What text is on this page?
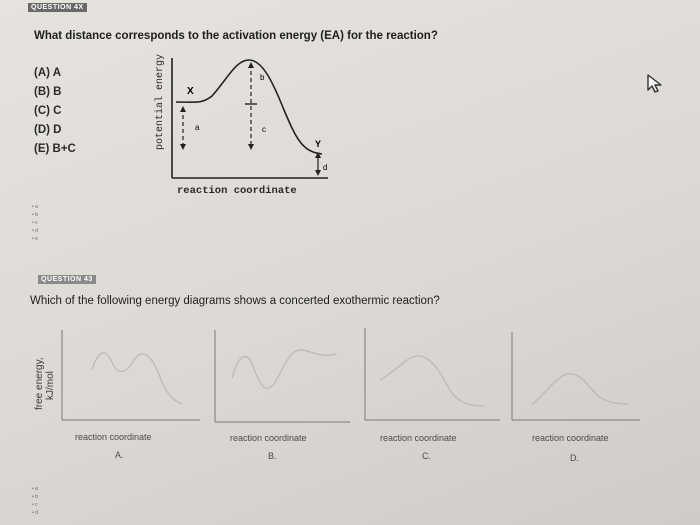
QUESTION 4X
What distance corresponds to the activation energy (EA) for the reaction?
(A) A
(B) B
(C) C
(D) D
(E) B+C	potential energy
reaction coordinate
X
Y
a
b
c
d
• a
• b
• c
• d
• e
QUESTION 43
Which of the following energy diagrams shows a concerted exothermic reaction?
free energy, kJ/mol
reaction coordinate
A.
reaction coordinate
B.
reaction coordinate
C.
reaction coordinate
D.
• a
• b
• c
• d
